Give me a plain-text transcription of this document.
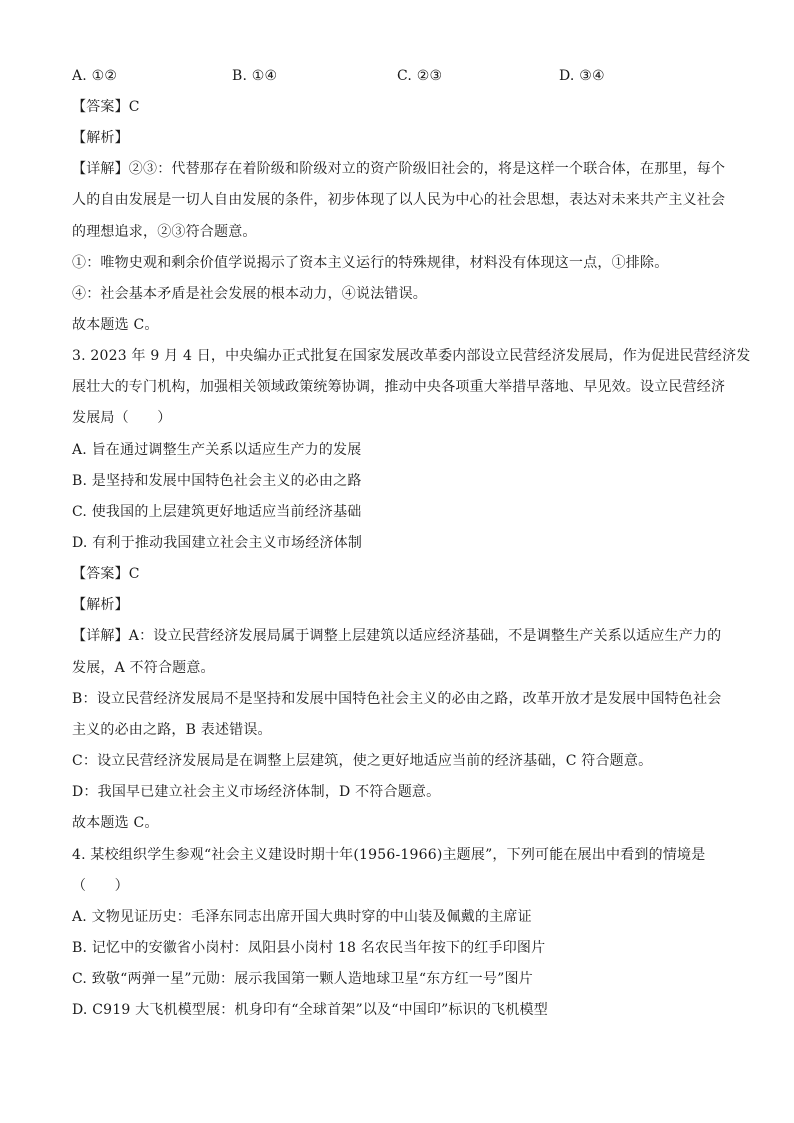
A. ①②	B. ①④	C. ②③	D. ③④
【答案】C
【解析】
【详解】②③：代替那存在着阶级和阶级对立的资产阶级旧社会的，将是这样一个联合体，在那里，每个
人的自由发展是一切人自由发展的条件，初步体现了以人民为中心的社会思想，表达对未来共产主义社会
的理想追求，②③符合题意。
①：唯物史观和剩余价值学说揭示了资本主义运行的特殊规律，材料没有体现这一点，①排除。
④：社会基本矛盾是社会发展的根本动力，④说法错误。
故本题选 C。
3. 2023 年 9 月 4 日，中央编办正式批复在国家发展改革委内部设立民营经济发展局，作为促进民营经济发
展壮大的专门机构，加强相关领域政策统筹协调，推动中央各项重大举措早落地、早见效。设立民营经济
发展局（　　）
A. 旨在通过调整生产关系以适应生产力的发展
B. 是坚持和发展中国特色社会主义的必由之路
C. 使我国的上层建筑更好地适应当前经济基础
D. 有利于推动我国建立社会主义市场经济体制
【答案】C
【解析】
【详解】A：设立民营经济发展局属于调整上层建筑以适应经济基础，不是调整生产关系以适应生产力的
发展，A 不符合题意。
B：设立民营经济发展局不是坚持和发展中国特色社会主义的必由之路，改革开放才是发展中国特色社会
主义的必由之路，B 表述错误。
C：设立民营经济发展局是在调整上层建筑，使之更好地适应当前的经济基础，C 符合题意。
D：我国早已建立社会主义市场经济体制，D 不符合题意。
故本题选 C。
4. 某校组织学生参观“社会主义建设时期十年(1956-1966)主题展”，下列可能在展出中看到的情境是
（　　）
A. 文物见证历史：毛泽东同志出席开国大典时穿的中山装及佩戴的主席证
B. 记忆中的安徽省小岗村：凤阳县小岗村 18 名农民当年按下的红手印图片
C. 致敬“两弹一星”元勋：展示我国第一颗人造地球卫星“东方红一号”图片
D. C919 大飞机模型展：机身印有“全球首架”以及“中国印”标识的飞机模型
